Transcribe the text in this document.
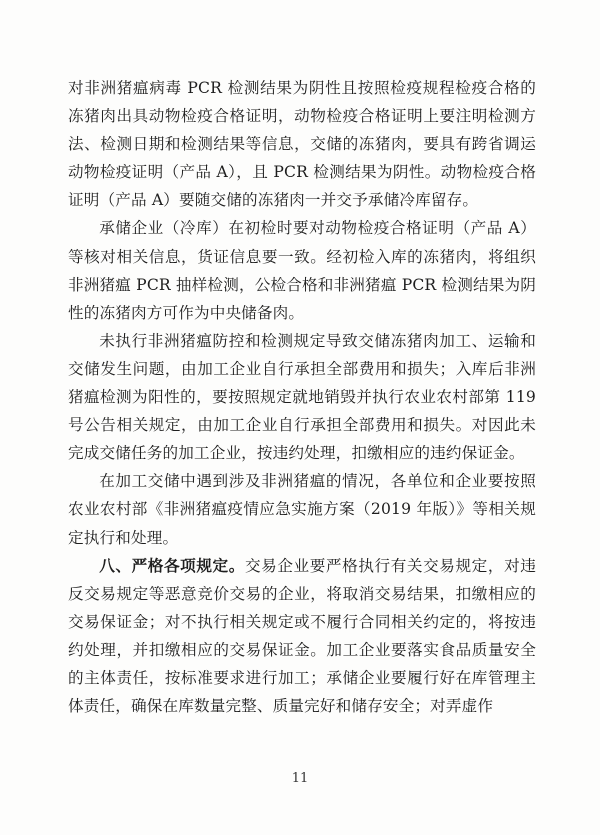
对非洲猪瘟病毒 PCR 检测结果为阴性且按照检疫规程检疫合格的冻猪肉出具动物检疫合格证明，动物检疫合格证明上要注明检测方法、检测日期和检测结果等信息，交储的冻猪肉，要具有跨省调运动物检疫证明（产品 A），且 PCR 检测结果为阴性。动物检疫合格证明（产品 A）要随交储的冻猪肉一并交予承储冷库留存。

承储企业（冷库）在初检时要对动物检疫合格证明（产品 A）等核对相关信息，货证信息要一致。经初检入库的冻猪肉，将组织非洲猪瘟 PCR 抽样检测，公检合格和非洲猪瘟 PCR 检测结果为阴性的冻猪肉方可作为中央储备肉。

未执行非洲猪瘟防控和检测规定导致交储冻猪肉加工、运输和交储发生问题，由加工企业自行承担全部费用和损失；入库后非洲猪瘟检测为阳性的，要按照规定就地销毁并执行农业农村部第 119 号公告相关规定，由加工企业自行承担全部费用和损失。对因此未完成交储任务的加工企业，按违约处理，扣缴相应的违约保证金。

在加工交储中遇到涉及非洲猪瘟的情况，各单位和企业要按照农业农村部《非洲猪瘟疫情应急实施方案（2019 年版）》等相关规定执行和处理。

八、严格各项规定。交易企业要严格执行有关交易规定，对违反交易规定等恶意竞价交易的企业，将取消交易结果，扣缴相应的交易保证金；对不执行相关规定或不履行合同相关约定的，将按违约处理，并扣缴相应的交易保证金。加工企业要落实食品质量安全的主体责任，按标准要求进行加工；承储企业要履行好在库管理主体责任，确保在库数量完整、质量完好和储存安全；对弄虚作

11
